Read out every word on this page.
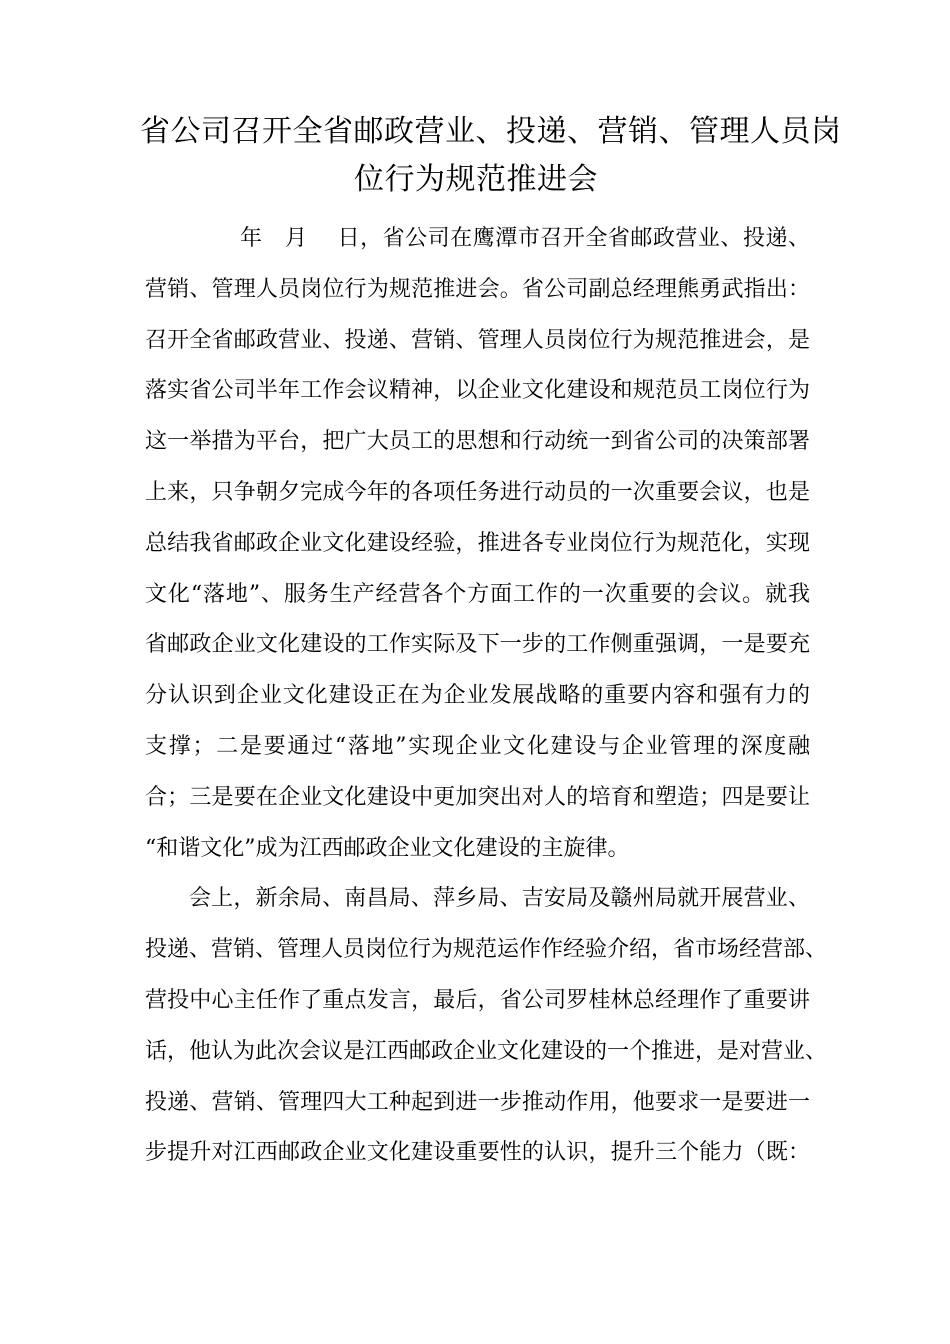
省公司召开全省邮政营业、投递、营销、管理人员岗
位行为规范推进会
年　月　 日，省公司在鹰潭市召开全省邮政营业、投递、
营销、管理人员岗位行为规范推进会。省公司副总经理熊勇武指出：
召开全省邮政营业、投递、营销、管理人员岗位行为规范推进会，是
落实省公司半年工作会议精神，以企业文化建设和规范员工岗位行为
这一举措为平台，把广大员工的思想和行动统一到省公司的决策部署
上来，只争朝夕完成今年的各项任务进行动员的一次重要会议，也是
总结我省邮政企业文化建设经验，推进各专业岗位行为规范化，实现
文化“落地”、服务生产经营各个方面工作的一次重要的会议。就我
省邮政企业文化建设的工作实际及下一步的工作侧重强调，一是要充
分认识到企业文化建设正在为企业发展战略的重要内容和强有力的
支撑；二是要通过“落地”实现企业文化建设与企业管理的深度融
合；三是要在企业文化建设中更加突出对人的培育和塑造；四是要让
“和谐文化”成为江西邮政企业文化建设的主旋律。
会上，新余局、南昌局、萍乡局、吉安局及赣州局就开展营业、
投递、营销、管理人员岗位行为规范运作作经验介绍，省市场经营部、
营投中心主任作了重点发言，最后，省公司罗桂林总经理作了重要讲
话，他认为此次会议是江西邮政企业文化建设的一个推进，是对营业、
投递、营销、管理四大工种起到进一步推动作用，他要求一是要进一
步提升对江西邮政企业文化建设重要性的认识，提升三个能力（既：
